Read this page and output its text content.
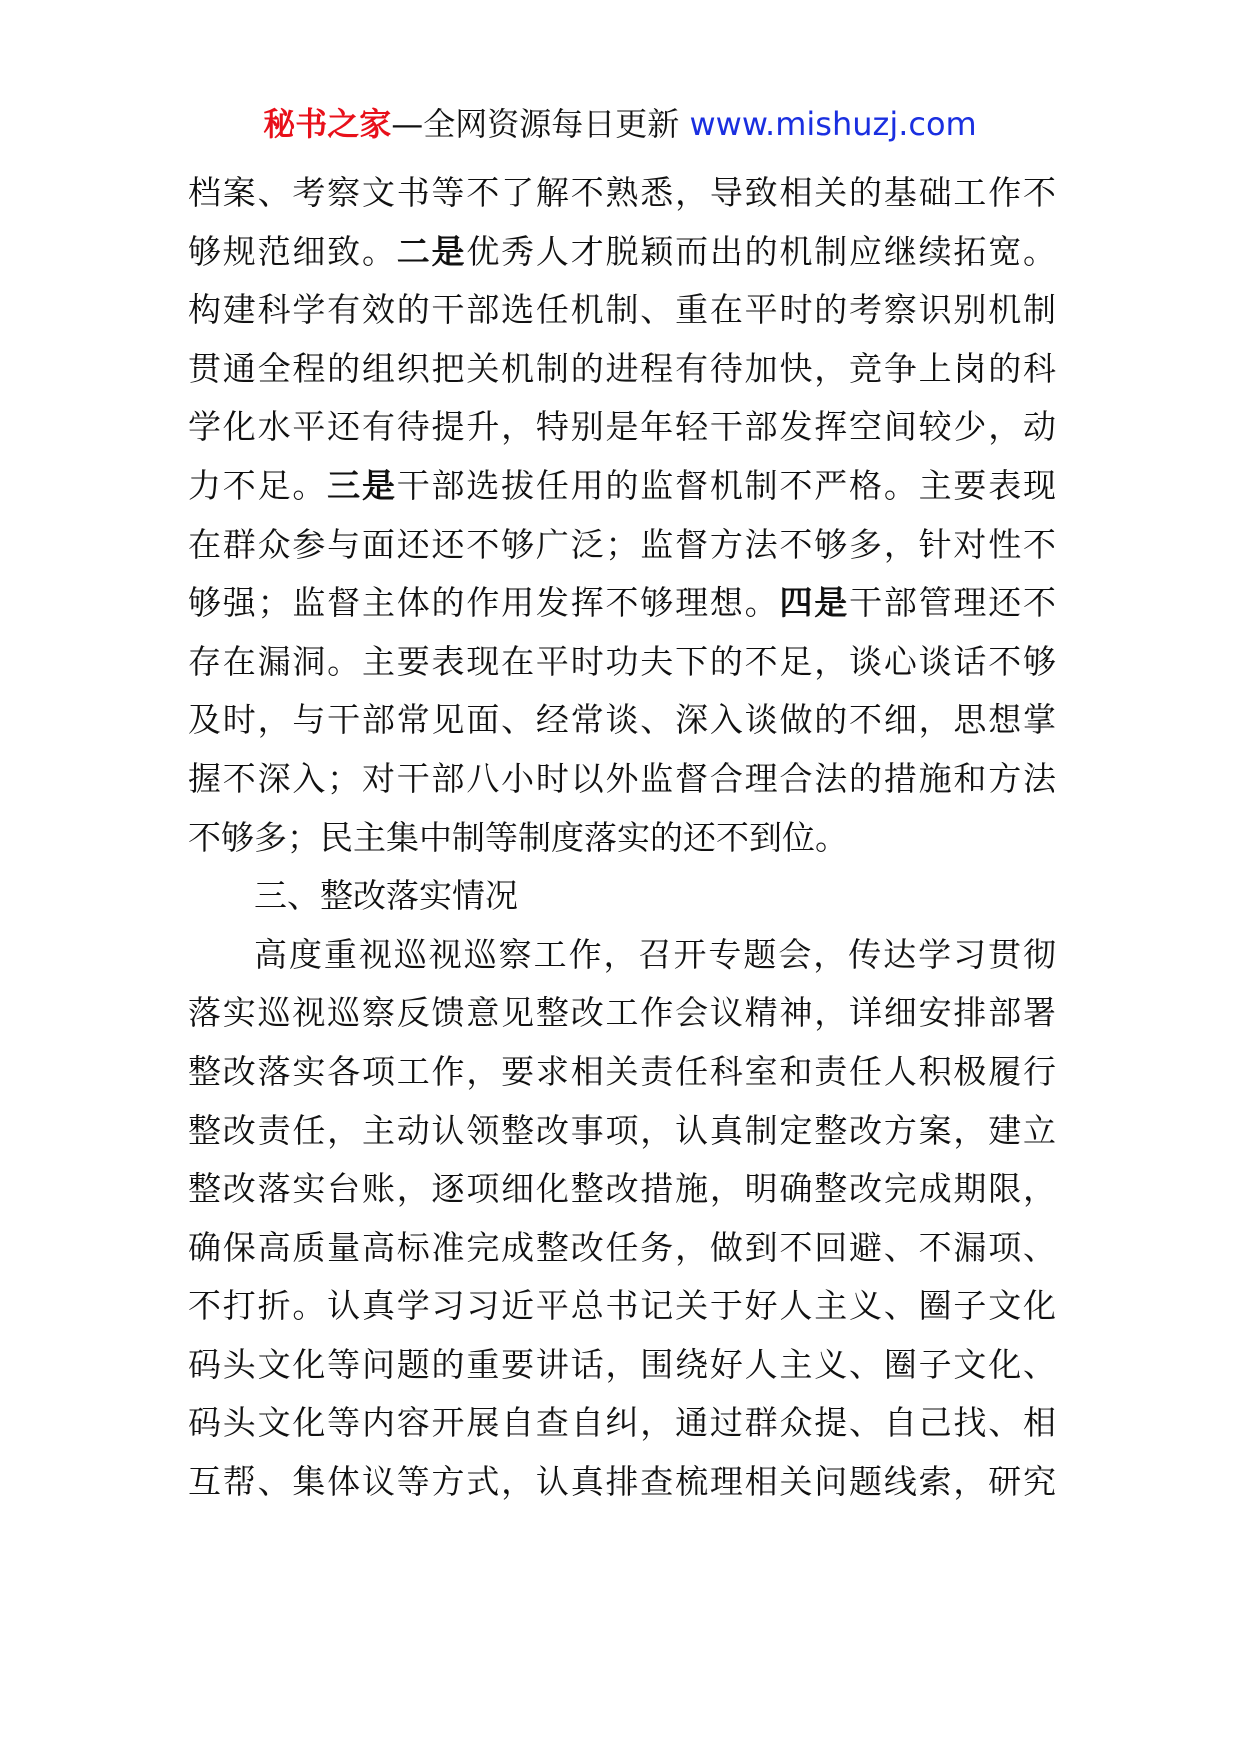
秘书之家—全网资源每日更新 www.mishuzj.com
档案、考察文书等不了解不熟悉，导致相关的基础工作不
够规范细致。二是优秀人才脱颖而出的机制应继续拓宽。
构建科学有效的干部选任机制、重在平时的考察识别机制
贯通全程的组织把关机制的进程有待加快，竞争上岗的科
学化水平还有待提升，特别是年轻干部发挥空间较少，动
力不足。三是干部选拔任用的监督机制不严格。主要表现
在群众参与面还还不够广泛；监督方法不够多，针对性不
够强；监督主体的作用发挥不够理想。四是干部管理还不
存在漏洞。主要表现在平时功夫下的不足，谈心谈话不够
及时，与干部常见面、经常谈、深入谈做的不细，思想掌
握不深入；对干部八小时以外监督合理合法的措施和方法
不够多；民主集中制等制度落实的还不到位。
三、整改落实情况
高度重视巡视巡察工作，召开专题会，传达学习贯彻
落实巡视巡察反馈意见整改工作会议精神，详细安排部署
整改落实各项工作，要求相关责任科室和责任人积极履行
整改责任，主动认领整改事项，认真制定整改方案，建立
整改落实台账，逐项细化整改措施，明确整改完成期限，
确保高质量高标准完成整改任务，做到不回避、不漏项、
不打折。认真学习习近平总书记关于好人主义、圈子文化
码头文化等问题的重要讲话，围绕好人主义、圈子文化、
码头文化等内容开展自查自纠，通过群众提、自己找、相
互帮、集体议等方式，认真排查梳理相关问题线索，研究
